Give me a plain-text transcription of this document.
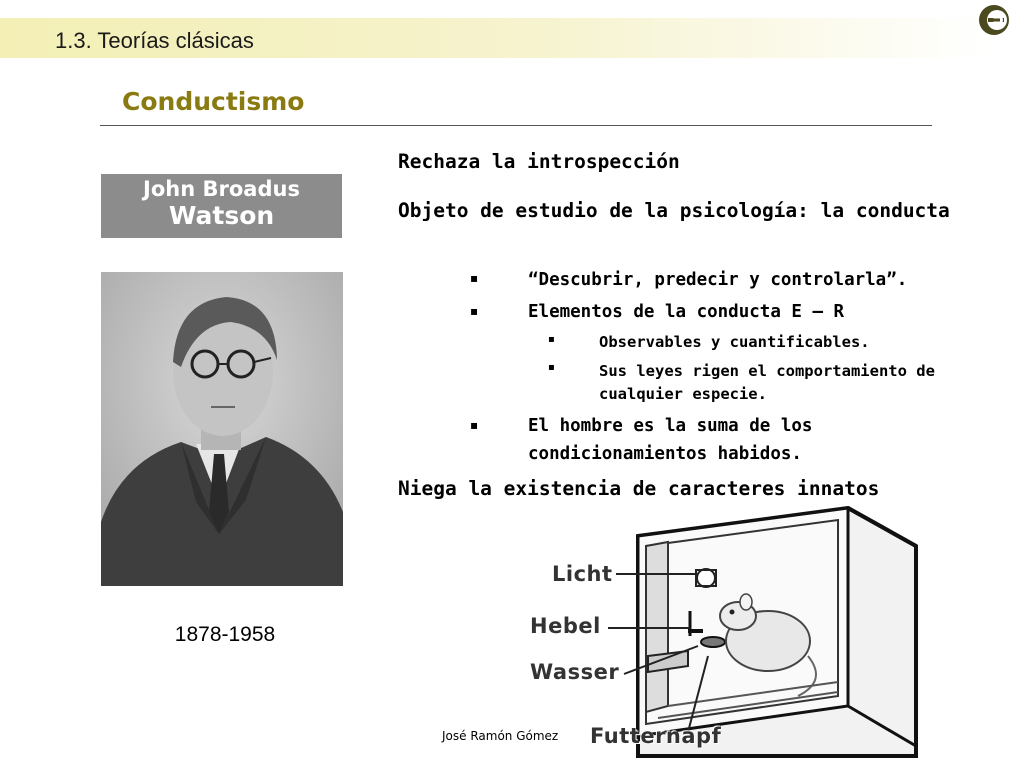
1.3. Teorías clásicas
Conductismo
John Broadus
Watson
1878-1958
Rechaza la introspección
Objeto de estudio de la psicología: la conducta
▪	“Descubrir, predecir y controlarla”.
▪	Elementos de la conducta E – R
▪	Observables y cuantificables.
▪	Sus leyes rigen el comportamiento de
cualquier especie.
▪	El hombre es la suma de los
condicionamientos habidos.
Niega la existencia de caracteres innatos
Licht
Hebel
Wasser
Futternapf
José Ramón Gómez
